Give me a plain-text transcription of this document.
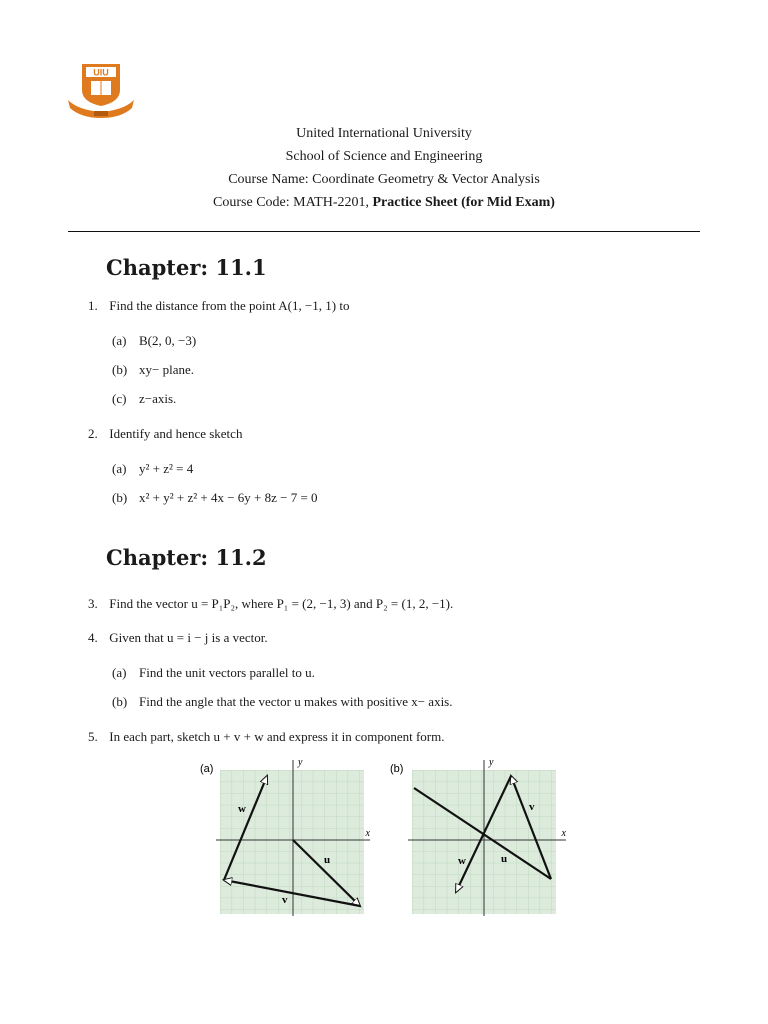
UIU
United International University
School of Science and Engineering
Course Name: Coordinate Geometry & Vector Analysis
Course Code: MATH-2201, Practice Sheet (for Mid Exam)
Chapter: 11.1
1. Find the distance from the point A(1, −1, 1) to
(a) B(2, 0, −3)
(b) xy− plane.
(c) z−axis.
2. Identify and hence sketch
(a) y² + z² = 4
(b) x² + y² + z² + 4x − 6y + 8z − 7 = 0
Chapter: 11.2
3. Find the vector u = P₁P₂, where P₁ = (2, −1, 3) and P₂ = (1, 2, −1).
4. Given that u = i − j is a vector.
(a) Find the unit vectors parallel to u.
(b) Find the angle that the vector u makes with positive x− axis.
5. In each part, sketch u + v + w and express it in component form.
(a)
y
x
w
u
v
(b)
y
x
v
w	u
